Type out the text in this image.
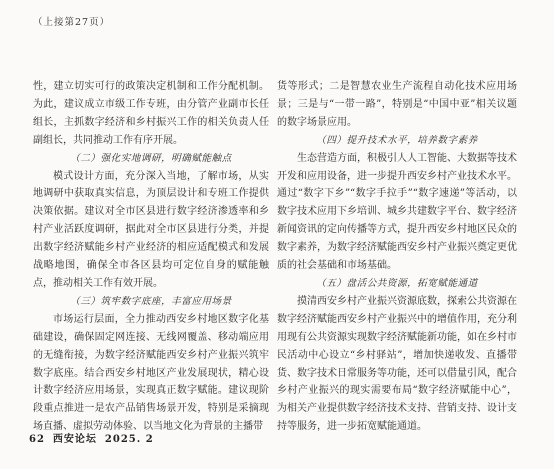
（上接第27页）

性，建立切实可行的政策决定机制和工作分配机制。为此，建议成立市级工作专班，由分管产业副市长任组长，主抓数字经济和乡村振兴工作的相关负责人任副组长，共同推动工作有序开展。

（二）强化实地调研，明确赋能触点

模式设计方面，充分深入当地，了解市场，从实地调研中获取真实信息，为顶层设计和专班工作提供决策依据。建议对全市区县进行数字经济渗透率和乡村产业活跃度调研，据此对全市区县进行分类，并提出数字经济赋能乡村产业经济的相应适配模式和发展战略地图，确保全市各区县均可定位自身的赋能触点，推动相关工作有效开展。

（三）筑牢数字底座，丰富应用场景

市场运行层面，全力推动西安乡村地区数字化基础建设，确保固定网连接、无线网覆盖、移动端应用的无缝衔接，为数字经济赋能西安乡村产业振兴筑牢数字底座。结合西安乡村地区产业发展现状，精心设计数字经济应用场景，实现真正数字赋能。建议现阶段重点推进一是农产品销售场景开发，特别是采摘现场直播、虚拟劳动体验、以当地文化为背景的主播带

货等形式；二是智慧农业生产流程自动化技术应用场景；三是与“一带一路”，特别是“中国中亚”相关议题的数字场景应用。

（四）提升技术水平，培养数字素养

生态营造方面，积极引人人工智能、大数据等技术开发和应用设备，进一步提升西安乡村产业技术水平。通过“数字下乡”“数字手拉手”“数字速递”等活动，以数字技术应用下乡培训、城乡共建数字平台、数字经济新闻资讯的定向传播等方式，提升西安乡村地区民众的数字素养，为数字经济赋能西安乡村产业振兴奠定更优质的社会基础和市场基础。

（五）盘活公共资源，拓宽赋能通道

摸清西安乡村产业振兴资源底数，探索公共资源在数字经济赋能西安乡村产业振兴中的增值作用，充分利用现有公共资源实现数字经济赋能新功能，如在乡村市民活动中心设立“乡村驿站”，增加快递收发、直播带货、数字技术日常服务等功能，还可以借量引风，配合乡村产业振兴的现实需要布局“数字经济赋能中心”，为相关产业提供数字经济技术支持、营销支持、设计支持等服务，进一步拓宽赋能通道。

62 西安论坛 2025. 2
